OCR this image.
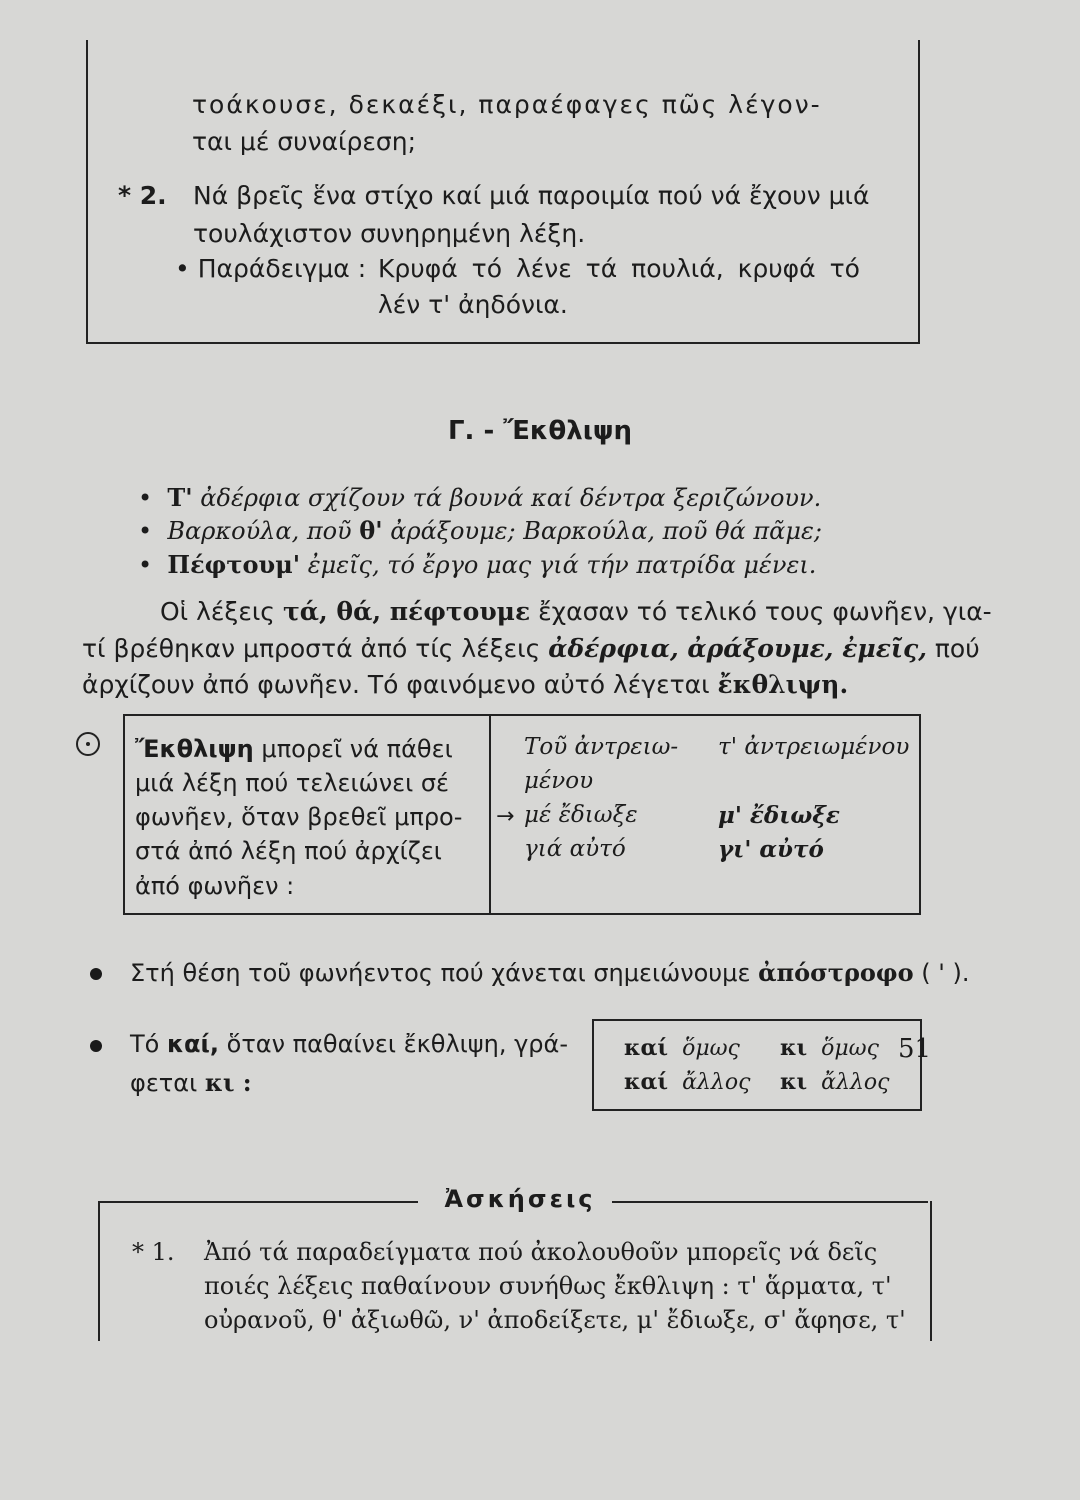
τοάκουσε, δεκαέξι, παραέφαγες πῶς λέγον-
ται μέ συναίρεση;
* 2. Νά βρεῖς ἕνα στίχο καί μιά παροιμία πού νά ἔχουν μιά
τουλάχιστον συνηρημένη λέξη.
• Παράδειγμα : Κρυφά τό λένε τά πουλιά, κρυφά τό
λέν τ' ἀηδόνια.
Γ. - Ἔκθλιψη
• Τ' ἀδέρφια σχίζουν τά βουνά καί δέντρα ξεριζώνουν.
• Βαρκούλα, ποῦ θ' ἀράξουμε; Βαρκούλα, ποῦ θά πᾶμε;
• Πέφτουμ' ἐμεῖς, τό ἔργο μας γιά τήν πατρίδα μένει.
Οἱ λέξεις τά, θά, πέφτουμε ἔχασαν τό τελικό τους φωνῆεν, για-
τί βρέθηκαν μπροστά ἀπό τίς λέξεις ἀδέρφια, ἀράξουμε, ἐμεῖς, πού
ἀρχίζουν ἀπό φωνῆεν. Τό φαινόμενο αὐτό λέγεται ἔκθλιψη.
Ἔκθλιψη μπορεῖ νά πάθει
μιά λέξη πού τελειώνει σέ
φωνῆεν, ὅταν βρεθεῖ μπρο-
στά ἀπό λέξη πού ἀρχίζει
ἀπό φωνῆεν :
Τοῦ ἀντρειω-
μένου
→ μέ ἔδιωξε
γιά αὐτό
τ' ἀντρειωμένου
μ' ἔδιωξε
γι' αὐτό
Στή θέση τοῦ φωνήεντος πού χάνεται σημειώνουμε ἀπόστροφο ( ' ).
Τό καί, ὅταν παθαίνει ἔκθλιψη, γρά-
φεται κι :
καί ὅμως κι ὅμως
καί ἄλλος κι ἄλλος
Ἀσκήσεις
* 1. Ἀπό τά παραδείγματα πού ἀκολουθοῦν μπορεῖς νά δεῖς
ποιές λέξεις παθαίνουν συνήθως ἔκθλιψη : τ' ἅρματα, τ'
οὐρανοῦ, θ' ἀξιωθῶ, ν' ἀποδείξετε, μ' ἔδιωξε, σ' ἄφησε, τ'
51
